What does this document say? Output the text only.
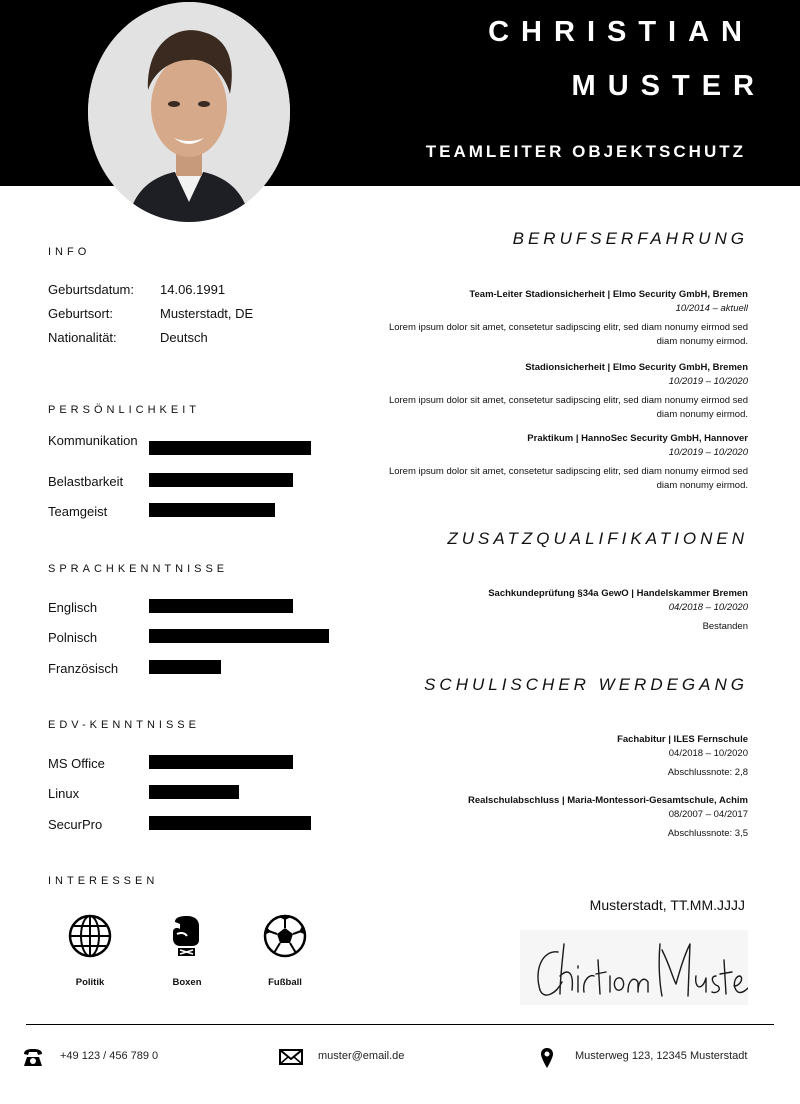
CHRISTIAN
MUSTER
TEAMLEITER OBJEKTSCHUTZ
INFO
Geburtsdatum: 14.06.1991
Geburtsort:	Musterstadt, DE
Nationalität:	Deutsch
PERSÖNLICHKEIT
Kommunikation
Belastbarkeit
Teamgeist
SPRACHKENNTNISSE
Englisch
Polnisch
Französisch
EDV-KENNTNISSE
MS Office
Linux
SecurPro
INTERESSEN
Politik	Boxen	Fußball
BERUFSERFAHRUNG
Team-Leiter Stadionsicherheit | Elmo Security GmbH, Bremen
10/2014 – aktuell
Lorem ipsum dolor sit amet, consetetur sadipscing elitr, sed diam nonumy eirmod sed diam nonumy eirmod.
Stadionsicherheit | Elmo Security GmbH, Bremen
10/2019 – 10/2020
Lorem ipsum dolor sit amet, consetetur sadipscing elitr, sed diam nonumy eirmod sed diam nonumy eirmod.
Praktikum | HannoSec Security GmbH, Hannover
10/2019 – 10/2020
Lorem ipsum dolor sit amet, consetetur sadipscing elitr, sed diam nonumy eirmod sed diam nonumy eirmod.
ZUSATZQUALIFIKATIONEN
Sachkundeprüfung §34a GewO | Handelskammer Bremen
04/2018 – 10/2020
Bestanden
SCHULISCHER WERDEGANG
Fachabitur | ILES Fernschule
04/2018 – 10/2020
Abschlussnote: 2,8
Realschulabschluss | Maria-Montessori-Gesamtschule, Achim
08/2007 – 04/2017
Abschlussnote: 3,5
Musterstadt, TT.MM.JJJJ
+49 123 / 456 789 0	muster@email.de	Musterweg 123, 12345 Musterstadt
